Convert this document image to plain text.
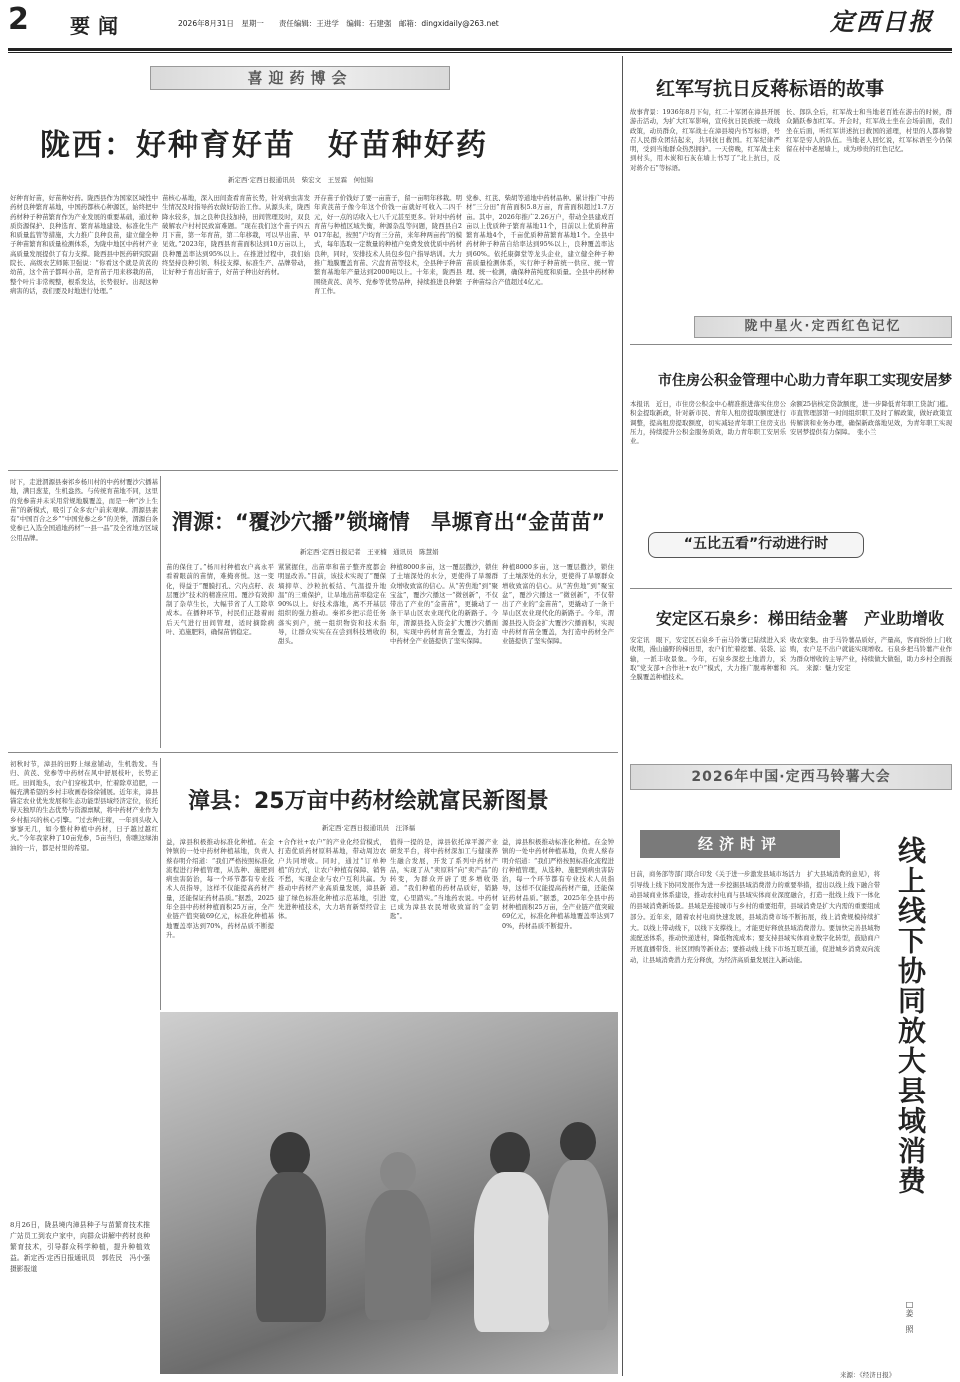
2 要闻	2026年8月31日　星期一　　责任编辑：王进学　编辑：石建强　邮箱：dingxidaily@263.net	定西日报
喜迎药博会
陇西：好种育好苗　好苗种好药
新定西·定西日报通讯员　柴宏文　王昱霖　何恒锦
好种育好苗，好苗种好药。陇西县作为国家区域性中药材良种繁育基地，中国药都核心种源区，始终把中药材种子种苗繁育作为产业发展的重要基础，通过种质资源保护、良种选育、繁育基地建设、标准化生产和质量监管等措施，大力推广良种良苗，建立健全种子种苗繁育和质量检测体系，为陇中地区中药材产业高质量发展提供了有力支撑。陇西县中医药研究院副院长、高级农艺师陈卫强说：“你看这个就是黄芪的幼苗，这个苗子都叫小苗，是育苗子用来移栽的苗，整个叶片非常规整，根系发达，长势很好。出现这种病害的话，我们要及时地进行处理。”
苗核心基地，深入田间查看育苗长势，针对病虫害发生情况及时指导药农做好防治工作。从源头来，陇西降水较多，加之良种良技加持，田间管理及时，双良破解农户村村民致富难题。“现在我们这个苗子四五月下苗，第一年育苗，第二年移栽，可以早出苗、早见效。”2023年，陇西县育苗面积达到10万亩以上，良种覆盖率达到95%以上。在推进过程中，我们始终坚持良种引领、科技支撑、标准生产、品牌带动，让好种子育出好苗子，好苗子种出好药材。
开存苗子价钱好了要一亩苗子，留一亩明年移栽。明年黄芪苗子像今年这个价钱一亩就好可收入二四千元，好一点的话收入七八千元甚至更多。针对中药材育苗与种植区域失衡，种源杂乱等问题，陇西县自2017年起，按照“户均育三分苗，来年种两亩药”的模式，每年选取一定数量的种植户免费发放优质中药材良种，同时，安排技术人员包乡包户指导培训。大力推广地膜覆盖育苗、穴盘育苗等技术，全县种子种苗繁育基地年产量达到2000吨以上。十年来，陇西县围绕黄芪、黄芩、党参等优势品种，持续推进良种繁育工作。
党参、红芪、柴胡等道地中药材品种。累计推广中药材“三分田”育苗面积5.8万亩，育苗面积超过1.7万亩。其中，2026年推广2.26万户，带动全县建成百亩以上优质种子繁育基地11个，目前以上优质种苗繁育基地4个，千亩优质种苗繁育基地1个。全县中药材种子种苗自给率达到95%以上，良种覆盖率达到60%。依托康御堂等龙头企业，建立健全种子种苗质量检测体系，实行种子种苗统一供应、统一管理、统一检测，确保种苗纯度和质量。全县中药材种子种苗综合产值超过4亿元。
时下，走进渭源县秦祁乡杨川村的中药材覆沙穴播基地，满目葱茏，生机盎然。与传统育苗地不同，这里的党参苗并未采用常规地膜覆盖，而是一种“沙上生苗”的新模式，吸引了众多农户前来观摩。渭源县素有“中国百合之乡”“中国党参之乡”的美誉，渭源白条党参已入选全国道地药材“一县一品”及全省地方区域公用品牌。
渭源：“覆沙穴播”锁墒情　旱塬育出“金苗苗”
新定西·定西日报记者　王亚楠　通讯员　陈慧娟
苗的保住了。”杨川村种植农户高永平看着眼前的苗情，难掩喜悦。这一变化，得益于“覆膜打孔、穴内点籽、表层覆沙”技术的精准应用。覆沙有效抑制了杂草生长，大幅节省了人工除草成本。在播种环节，村民们正趁着雨后天气进行田间管理，适时摘除病叶、追施肥料，确保苗情稳定。
紧紧握住，出苗率和苗子整齐度都会明显改善。”目前，该技术实现了“覆保墒抑草、沙粒抗板结、气温提升地温”的三重保护，让旱地出苗率稳定在90%以上。好技术落地，离不开基层组织的强力推动。秦祁乡把示范任务落实到户，统一组织物资和技术指导，让群众实实在在尝到科技增收的甜头。
种植8000多亩，这一覆层撒沙，锁住了土壤深处的水分，更使得了旱塬群众增收致富的信心。从“苦焦地”到“聚宝盆”，覆沙穴播这一“微创新”，不仅带出了产业的“金苗苗”，更撬动了一条干旱山区农业现代化的新路子。今年，渭源县投入资金扩大覆沙穴播面积，实现中药材育苗全覆盖，为打造中药材全产业链提供了坚实保障。
种植8000多亩，这一覆层撒沙，锁住了土壤深处的水分，更使得了旱塬群众增收致富的信心。从“苦焦地”到“聚宝盆”，覆沙穴播这一“微创新”，不仅带出了产业的“金苗苗”，更撬动了一条干旱山区农业现代化的新路子。今年，渭源县投入资金扩大覆沙穴播面积，实现中药材育苗全覆盖，为打造中药材全产业链提供了坚实保障。
初秋时节，漳县的田野上绿意铺动，生机勃发。当归、黄芪、党参等中药材在风中舒展枝叶，长势正旺。田间地头，农户们穿梭其中，忙着除草追肥，一幅充满希望的乡村丰收画卷徐徐铺展。近年来，漳县锚定农业优先发展和生态功能型县域经济定位，依托得天独厚的生态优势与资源禀赋，将中药材产业作为乡村振兴的核心引擎。“过去种庄稼，一年到头收入寥寥无几，如今整村种植中药材，日子越过越红火。”今年我家种了10亩党参，5亩当归，你瞧这绿油油的一片，都是村里的希望。
漳县：25万亩中药材绘就富民新图景
新定西·定西日报通讯员　汪泽福
益，漳县积极推动标准化种植。在金钟镇的一处中药材种植基地，负责人蔡春明介绍道：“我们严格按照标准化流程进行种植管理，从选种、施肥到病虫害防治，每一个环节都有专业技术人员指导，这样不仅能提高药材产量，还能保证药材品质。”据悉，2025年全县中药材种植面积25万亩，全产业链产值突破69亿元，标准化种植基地覆盖率达到70%，药材品质不断提升。
+合作社+农户”的产业化经营模式，打造优质药材原料基地，带动周边农户共同增收。同时，通过“订单种植”的方式，让农户种植有保障、销售不愁，实现企业与农户互利共赢。为推动中药材产业高质量发展，漳县新建了绿色标准化种植示范基地，引进先进种植技术，大力培育新型经营主体。
值得一提的是，漳县依托漳平源产业研发平台，将中药材深加工与健康养生融合发展，开发了系列中药材产品，实现了从“卖原料”向“卖产品”的转变，为群众开辟了更多增收渠道。“我们种植的药材品质好，销路宽，心里踏实。”当地药农说。中药材已成为漳县农民增收致富的“金钥匙”。
益，漳县积极推动标准化种植。在金钟镇的一处中药材种植基地，负责人蔡春明介绍道：“我们严格按照标准化流程进行种植管理，从选种、施肥到病虫害防治，每一个环节都有专业技术人员指导，这样不仅能提高药材产量，还能保证药材品质。”据悉，2025年全县中药材种植面积25万亩，全产业链产值突破69亿元，标准化种植基地覆盖率达到70%，药材品质不断提升。
8月26日，陇县境内漳县种子与苗繁育技术推广站员工到农户家中，向群众讲解中药材良种繁育技术，引导群众科学种植，提升种植效益。新定西·定西日报通讯员　郭佐民　冯小强　摄影报道
红军写抗日反蒋标语的故事
故事背景：1936年8月下旬，红二十军团在漳县开展游击活动，为扩大红军影响，宣传抗日民族统一战线政策，动员群众，红军战士在漳县境内书写标语，号召人民群众团结起来，共同抗日救国。红军纪律严明，受到当地群众热烈拥护。一天傍晚，红军战士来到村头，用木炭和石灰在墙上书写了“北上抗日，反对蒋介石”等标语。
长、郎队全后，红军战士和当地老百姓在游击的时候，群众踊跃参加红军。开会时，红军战士坐在会场前面，我们坐在后面，听红军讲述抗日救国的道理，村里的人都称赞红军是穷人的队伍。当地老人回忆说，红军标语至今仍保留在村中老屋墙上，成为珍贵的红色记忆。
陇中星火·定西红色记忆
市住房公积金管理中心助力青年职工实现安居梦
本报讯　近日，市住房公积金中心精准推进落实住房公积金提取新政，针对新市民、青年人租房提取额度进行调整，提高租房提取额度，切实减轻青年职工住房支出压力，持续提升公积金服务质效，助力青年职工安居乐业。
余额25倍核定贷款额度，进一步降低青年职工贷款门槛。市直管理部第一时间组织职工及时了解政策，做好政策宣传解读和业务办理，确保新政落地见效，为青年职工实现安居梦提供有力保障。　张小兰
“五比五看”行动进行时
安定区石泉乡：梯田结金薯　产业助增收
安定讯　眼下，安定区石泉乡千亩马铃薯已陆续进入采收期，漫山遍野的梯田里，农户们忙着挖薯、装袋、运输，一派丰收景象。今年，石泉乡深挖土地潜力，采取“党支部+合作社+农户”模式，大力推广脱毒种薯和全膜覆盖种植技术。
收农家集。由于马铃薯品质好，产量高，客商纷纷上门收购，农户足不出户就能实现增收。石泉乡把马铃薯产业作为群众增收的主导产业，持续做大做强，助力乡村全面振兴。　来源：魅力安定
2026年中国·定西马铃薯大会
经济时评
日前，商务部等部门联合印发《关于进一步激发县域市场活力　扩大县域消费的意见》，将引导线上线下协同发展作为进一步挖掘县域消费潜力的重要举措，提出以线上线下融合带动县域商业体系建设，推动农村电商与县域实体商业深度融合，打造一批线上线下一体化的县域消费新场景。县域是连接城市与乡村的重要纽带，县域消费是扩大内需的重要组成部分。近年来，随着农村电商快速发展，县域消费市场不断拓展，线上消费规模持续扩大。以线上带动线下，以线下支撑线上，才能更好释放县域消费潜力。要加快完善县域物流配送体系，推动快递进村，降低物流成本；要支持县域实体商业数字化转型，鼓励商户开展直播带货、社区团购等新业态；要推动线上线下市场互联互通，促进城乡消费双向流动，让县域消费潜力充分释放，为经济高质量发展注入新动能。	线上线下协同放大县域消费
□姜　照
来源：《经济日报》
